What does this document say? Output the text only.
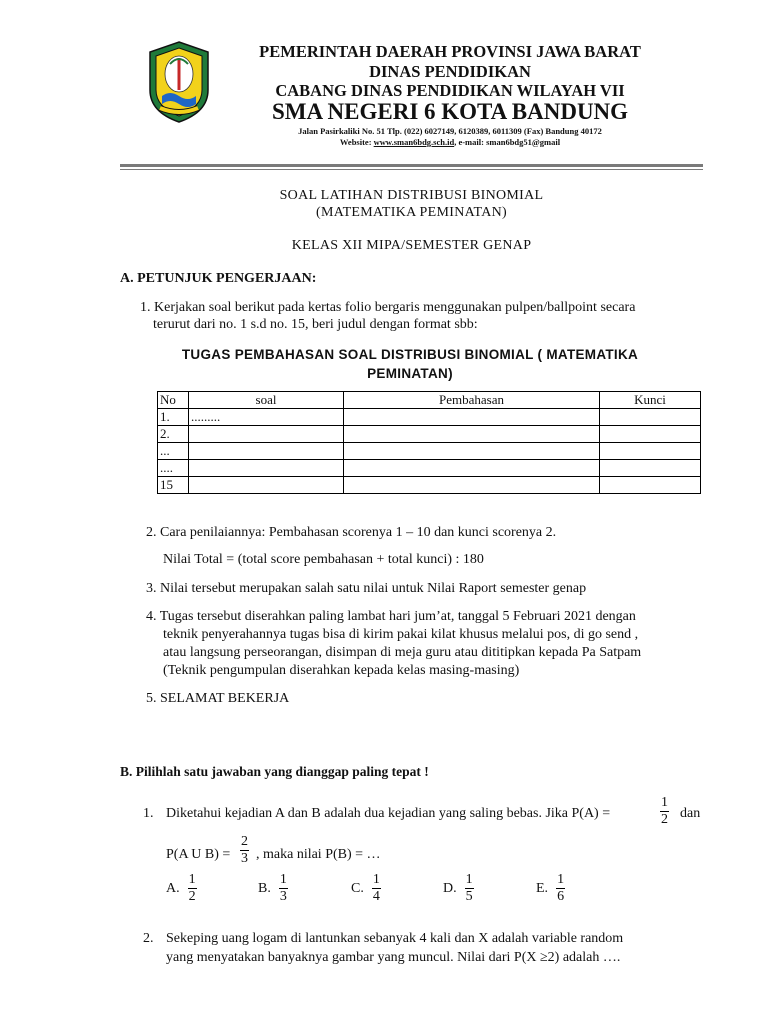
PEMERINTAH DAERAH PROVINSI JAWA BARAT
DINAS PENDIDIKAN
CABANG DINAS PENDIDIKAN WILAYAH VII
SMA NEGERI 6 KOTA BANDUNG
Jalan Pasirkaliki No. 51 Tlp. (022) 6027149, 6120389, 6011309 (Fax) Bandung 40172
Website: www.sman6bdg.sch.id, e-mail: sman6bdg51@gmail
SOAL LATIHAN DISTRIBUSI BINOMIAL
(MATEMATIKA PEMINATAN)
KELAS XII MIPA/SEMESTER GENAP
A. PETUNJUK PENGERJAAN:
1. Kerjakan soal berikut pada kertas folio bergaris menggunakan pulpen/ballpoint secara
terurut dari no. 1 s.d no. 15, beri judul dengan format sbb:
TUGAS PEMBAHASAN SOAL DISTRIBUSI BINOMIAL ( MATEMATIKA
PEMINATAN)
No	soal	Pembahasan	Kunci
1.	.........		
2.			
...			
....			
15			
2. Cara penilaiannya: Pembahasan scorenya 1 – 10 dan kunci scorenya 2.
Nilai Total = (total score pembahasan + total kunci) : 180
3. Nilai tersebut merupakan salah satu nilai untuk Nilai Raport semester genap
4. Tugas tersebut diserahkan paling lambat hari jum’at, tanggal 5 Februari 2021 dengan
teknik penyerahannya tugas bisa di kirim pakai kilat khusus melalui pos, di go send ,
atau langsung perseorangan, disimpan di meja guru atau dititipkan kepada Pa Satpam
(Teknik pengumpulan diserahkan kepada kelas masing-masing)
5. SELAMAT BEKERJA
B. Pilihlah satu jawaban yang dianggap paling tepat !
1. Diketahui kejadian A dan B adalah dua kejadian yang saling bebas. Jika P(A) =	$\frac{1}{2}$ dan
P(A U $B) = \frac{2}{3}$ , maka nilai P(B) = …
A. $\frac{1}{2}$	B. $\frac{1}{3}$	C. $\frac{1}{4}$	D. $\frac{1}{5}$	E. $\frac{1}{6}$
2. Sekeping uang logam di lantunkan sebanyak 4 kali dan X adalah variable random
yang menyatakan banyaknya gambar yang muncul. Nilai dari P(X ≥2) adalah ….
